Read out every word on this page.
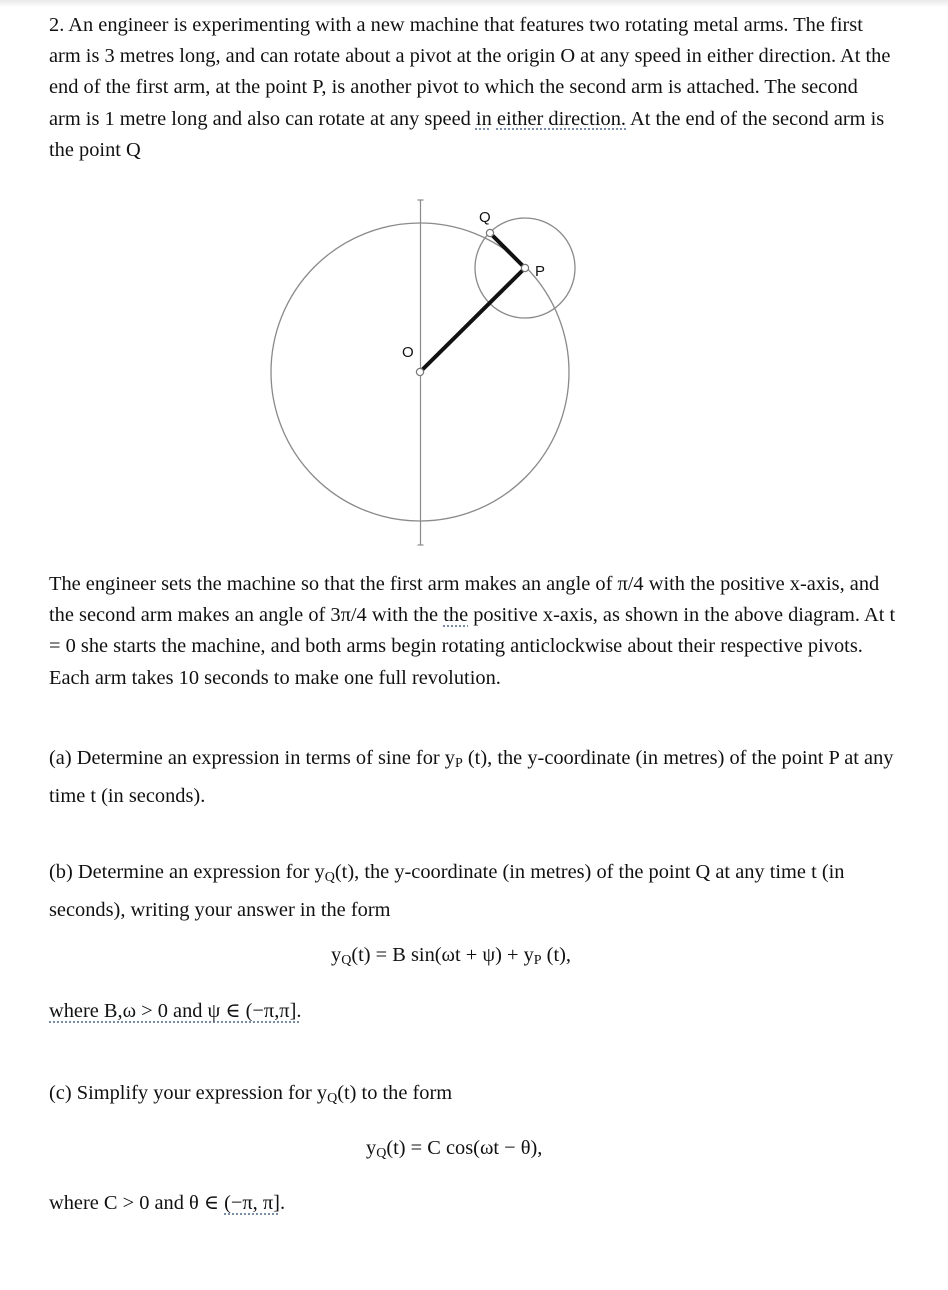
2. An engineer is experimenting with a new machine that features two rotating metal arms. The first arm is 3 metres long, and can rotate about a pivot at the origin O at any speed in either direction. At the end of the first arm, at the point P, is another pivot to which the second arm is attached. The second arm is 1 metre long and also can rotate at any speed in either direction. At the end of the second arm is the point Q

O
P
Q

The engineer sets the machine so that the first arm makes an angle of π/4 with the positive x-axis, and the second arm makes an angle of 3π/4 with the the positive x-axis, as shown in the above diagram. At t = 0 she starts the machine, and both arms begin rotating anticlockwise about their respective pivots. Each arm takes 10 seconds to make one full revolution.

(a) Determine an expression in terms of sine for $y_P$ (t), the y-coordinate (in metres) of the point P at any time t (in seconds).

(b) Determine an expression for $y_Q(t)$, the y-coordinate (in metres) of the point Q at any time t (in seconds), writing your answer in the form

$y_Q(t) = B$ $\sin(\omega t + \psi) + y_P$ (t),
where B,ω > 0 and ψ ∈ (−π,π].
(c) Simplify your expression for $y_Q(t)$ to the form
$y_Q(t) = C$ cos(ωt − θ),
where C > 0 and θ ∈ (−π, π].
